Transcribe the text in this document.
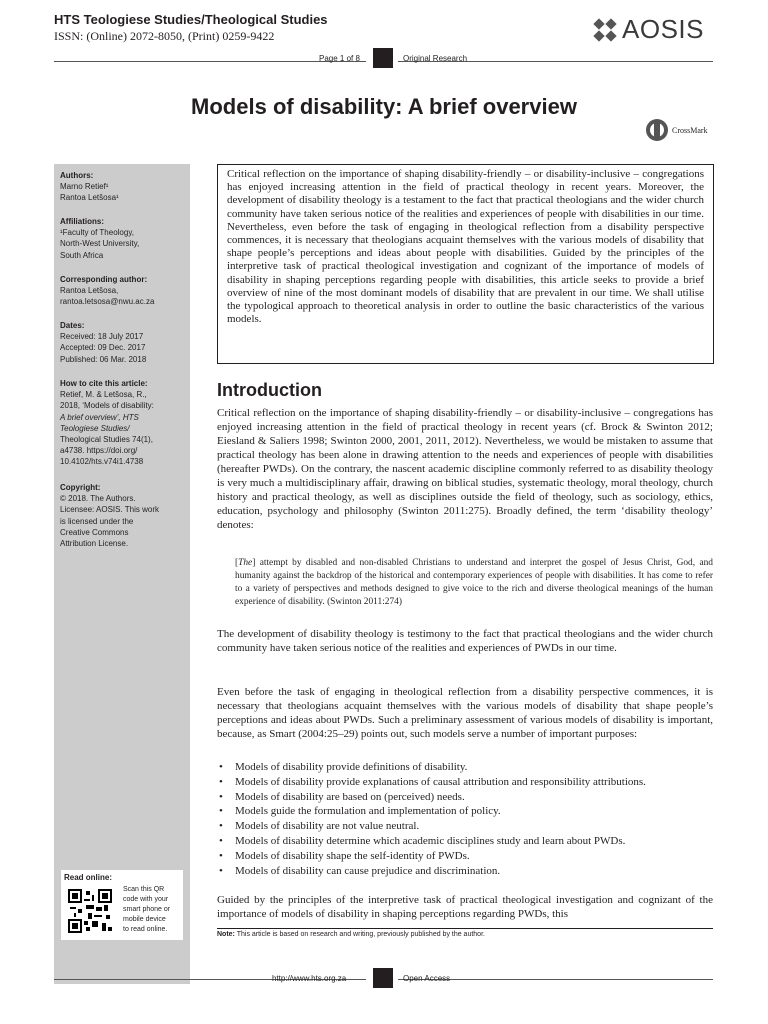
HTS Teologiese Studies/Theological Studies
ISSN: (Online) 2072-8050, (Print) 0259-9422	AOSIS
Page 1 of 8	Original Research
Models of disability: A brief overview
CrossMark
Authors:
Marno Retief¹
Rantoa Letšosa¹
Affiliations:
¹Faculty of Theology,
North-West University,
South Africa
Corresponding author:
Rantoa Letšosa,
rantoa.letsosa@nwu.ac.za
Dates:
Received: 18 July 2017
Accepted: 09 Dec. 2017
Published: 06 Mar. 2018
How to cite this article:
Retief, M. & Letšosa, R.,
2018, ‘Models of disability:
A brief overview’, HTS
Teologiese Studies/
Theological Studies 74(1),
a4738. https://doi.org/
10.4102/hts.v74i1.4738
Copyright:
© 2018. The Authors.
Licensee: AOSIS. This work
is licensed under the
Creative Commons
Attribution License.
Read online:
Scan this QR
code with your
smart phone or
mobile device
to read online.
Critical reflection on the importance of shaping disability-friendly – or disability-inclusive – congregations has enjoyed increasing attention in the field of practical theology in recent years. Moreover, the development of disability theology is a testament to the fact that practical theologians and the wider church community have taken serious notice of the realities and experiences of people with disabilities in our time. Nevertheless, even before the task of engaging in theological reflection from a disability perspective commences, it is necessary that theologians acquaint themselves with the various models of disability that shape people’s perceptions and ideas about people with disabilities. Guided by the principles of the interpretive task of practical theological investigation and cognizant of the importance of models of disability in shaping perceptions regarding people with disabilities, this article seeks to provide a brief overview of nine of the most dominant models of disability that are prevalent in our time. We shall utilise the typological approach to theoretical analysis in order to outline the basic characteristics of the various models.
Introduction

Critical reflection on the importance of shaping disability-friendly – or disability-inclusive – congregations has enjoyed increasing attention in the field of practical theology in recent years (cf. Brock & Swinton 2012; Eiesland & Saliers 1998; Swinton 2000, 2001, 2011, 2012). Nevertheless, we would be mistaken to assume that practical theology has been alone in drawing attention to the needs and experiences of people with disabilities (hereafter PWDs). On the contrary, the nascent academic discipline commonly referred to as disability theology is very much a multidisciplinary affair, drawing on biblical studies, systematic theology, moral theology, church history and practical theology, as well as disciplines outside the field of theology, such as sociology, ethics, education, psychology and philosophy (Swinton 2011:275). Broadly defined, the term ‘disability theology’ denotes:

[The] attempt by disabled and non-disabled Christians to understand and interpret the gospel of Jesus Christ, God, and humanity against the backdrop of the historical and contemporary experiences of people with disabilities. It has come to refer to a variety of perspectives and methods designed to give voice to the rich and diverse theological meanings of the human experience of disability. (Swinton 2011:274)

The development of disability theology is testimony to the fact that practical theologians and the wider church community have taken serious notice of the realities and experiences of PWDs in our time.

Even before the task of engaging in theological reflection from a disability perspective commences, it is necessary that theologians acquaint themselves with the various models of disability that shape people’s perceptions and ideas about PWDs. Such a preliminary assessment of various models of disability is important, because, as Smart (2004:25–29) points out, such models serve a number of important purposes:

• Models of disability provide definitions of disability.
• Models of disability provide explanations of causal attribution and responsibility attributions.
• Models of disability are based on (perceived) needs.
• Models guide the formulation and implementation of policy.
• Models of disability are not value neutral.
• Models of disability determine which academic disciplines study and learn about PWDs.
• Models of disability shape the self-identity of PWDs.
• Models of disability can cause prejudice and discrimination.

Guided by the principles of the interpretive task of practical theological investigation and cognizant of the importance of models of disability in shaping perceptions regarding PWDs, this

Note: This article is based on research and writing, previously published by the author.
http://www.hts.org.za	Open Access
